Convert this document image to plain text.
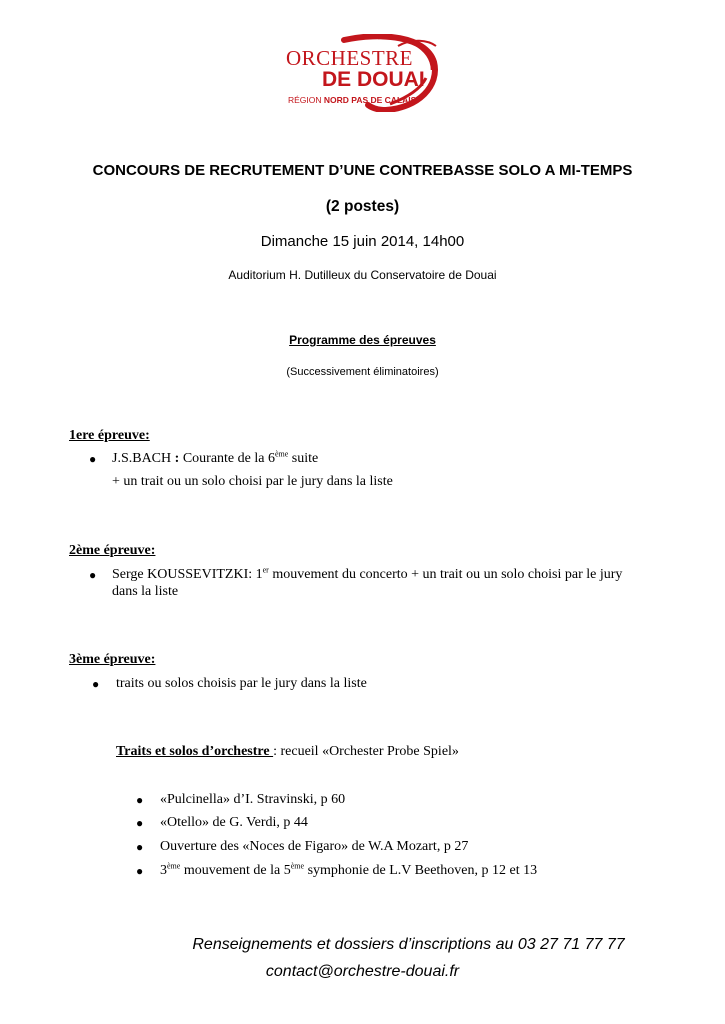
ORCHESTRE
DE DOUAI
RÉGION NORD PAS DE CALAIS
CONCOURS DE RECRUTEMENT D’UNE CONTREBASSE SOLO A MI-TEMPS
(2 postes)
Dimanche 15 juin 2014, 14h00
Auditorium H. Dutilleux du Conservatoire de Douai
Programme des épreuves
(Successivement éliminatoires)
1ere épreuve:
● J.S.BACH : Courante de la 6ème suite
+ un trait ou un solo choisi par le jury dans la liste
2ème épreuve:
● Serge KOUSSEVITZKI: 1er mouvement du concerto + un trait ou un solo choisi par le jury
dans la liste
3ème épreuve:
● traits ou solos choisis par le jury dans la liste
Traits et solos d’orchestre : recueil «Orchester Probe Spiel»
● «Pulcinella» d’I. Stravinski, p 60
● «Otello» de G. Verdi, p 44
● Ouverture des «Noces de Figaro» de W.A Mozart, p 27
● 3ème mouvement de la 5ème symphonie de L.V Beethoven, p 12 et 13
Renseignements et dossiers d’inscriptions au 03 27 71 77 77
contact@orchestre-douai.fr
